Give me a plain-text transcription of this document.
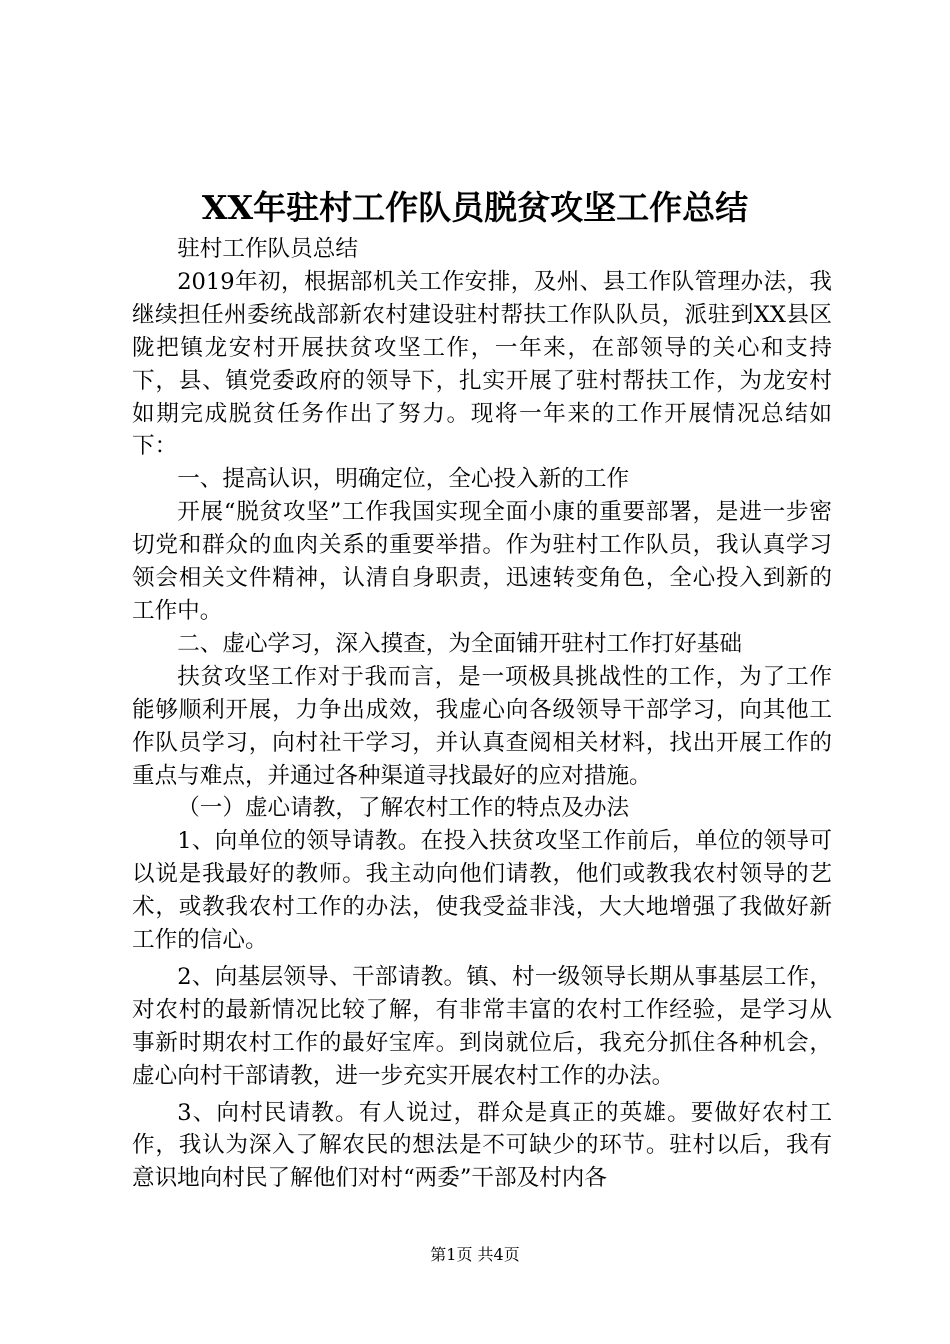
XX年驻村工作队员脱贫攻坚工作总结

驻村工作队员总结

2019年初，根据部机关工作安排，及州、县工作队管理办法，我继续担任州委统战部新农村建设驻村帮扶工作队队员，派驻到XX县区陇把镇龙安村开展扶贫攻坚工作，一年来，在部领导的关心和支持下，县、镇党委政府的领导下，扎实开展了驻村帮扶工作，为龙安村如期完成脱贫任务作出了努力。现将一年来的工作开展情况总结如下：

一、提高认识，明确定位，全心投入新的工作

开展“脱贫攻坚”工作我国实现全面小康的重要部署，是进一步密切党和群众的血肉关系的重要举措。作为驻村工作队员，我认真学习领会相关文件精神，认清自身职责，迅速转变角色，全心投入到新的工作中。

二、虚心学习，深入摸查，为全面铺开驻村工作打好基础

扶贫攻坚工作对于我而言，是一项极具挑战性的工作，为了工作能够顺利开展，力争出成效，我虚心向各级领导干部学习，向其他工作队员学习，向村社干学习，并认真查阅相关材料，找出开展工作的重点与难点，并通过各种渠道寻找最好的应对措施。

（一）虚心请教，了解农村工作的特点及办法

1、向单位的领导请教。在投入扶贫攻坚工作前后，单位的领导可以说是我最好的教师。我主动向他们请教，他们或教我农村领导的艺术，或教我农村工作的办法，使我受益非浅，大大地增强了我做好新工作的信心。

2、向基层领导、干部请教。镇、村一级领导长期从事基层工作，对农村的最新情况比较了解，有非常丰富的农村工作经验，是学习从事新时期农村工作的最好宝库。到岗就位后，我充分抓住各种机会，虚心向村干部请教，进一步充实开展农村工作的办法。

3、向村民请教。有人说过，群众是真正的英雄。要做好农村工作，我认为深入了解农民的想法是不可缺少的环节。驻村以后，我有意识地向村民了解他们对村“两委”干部及村内各

第1页 共4页
